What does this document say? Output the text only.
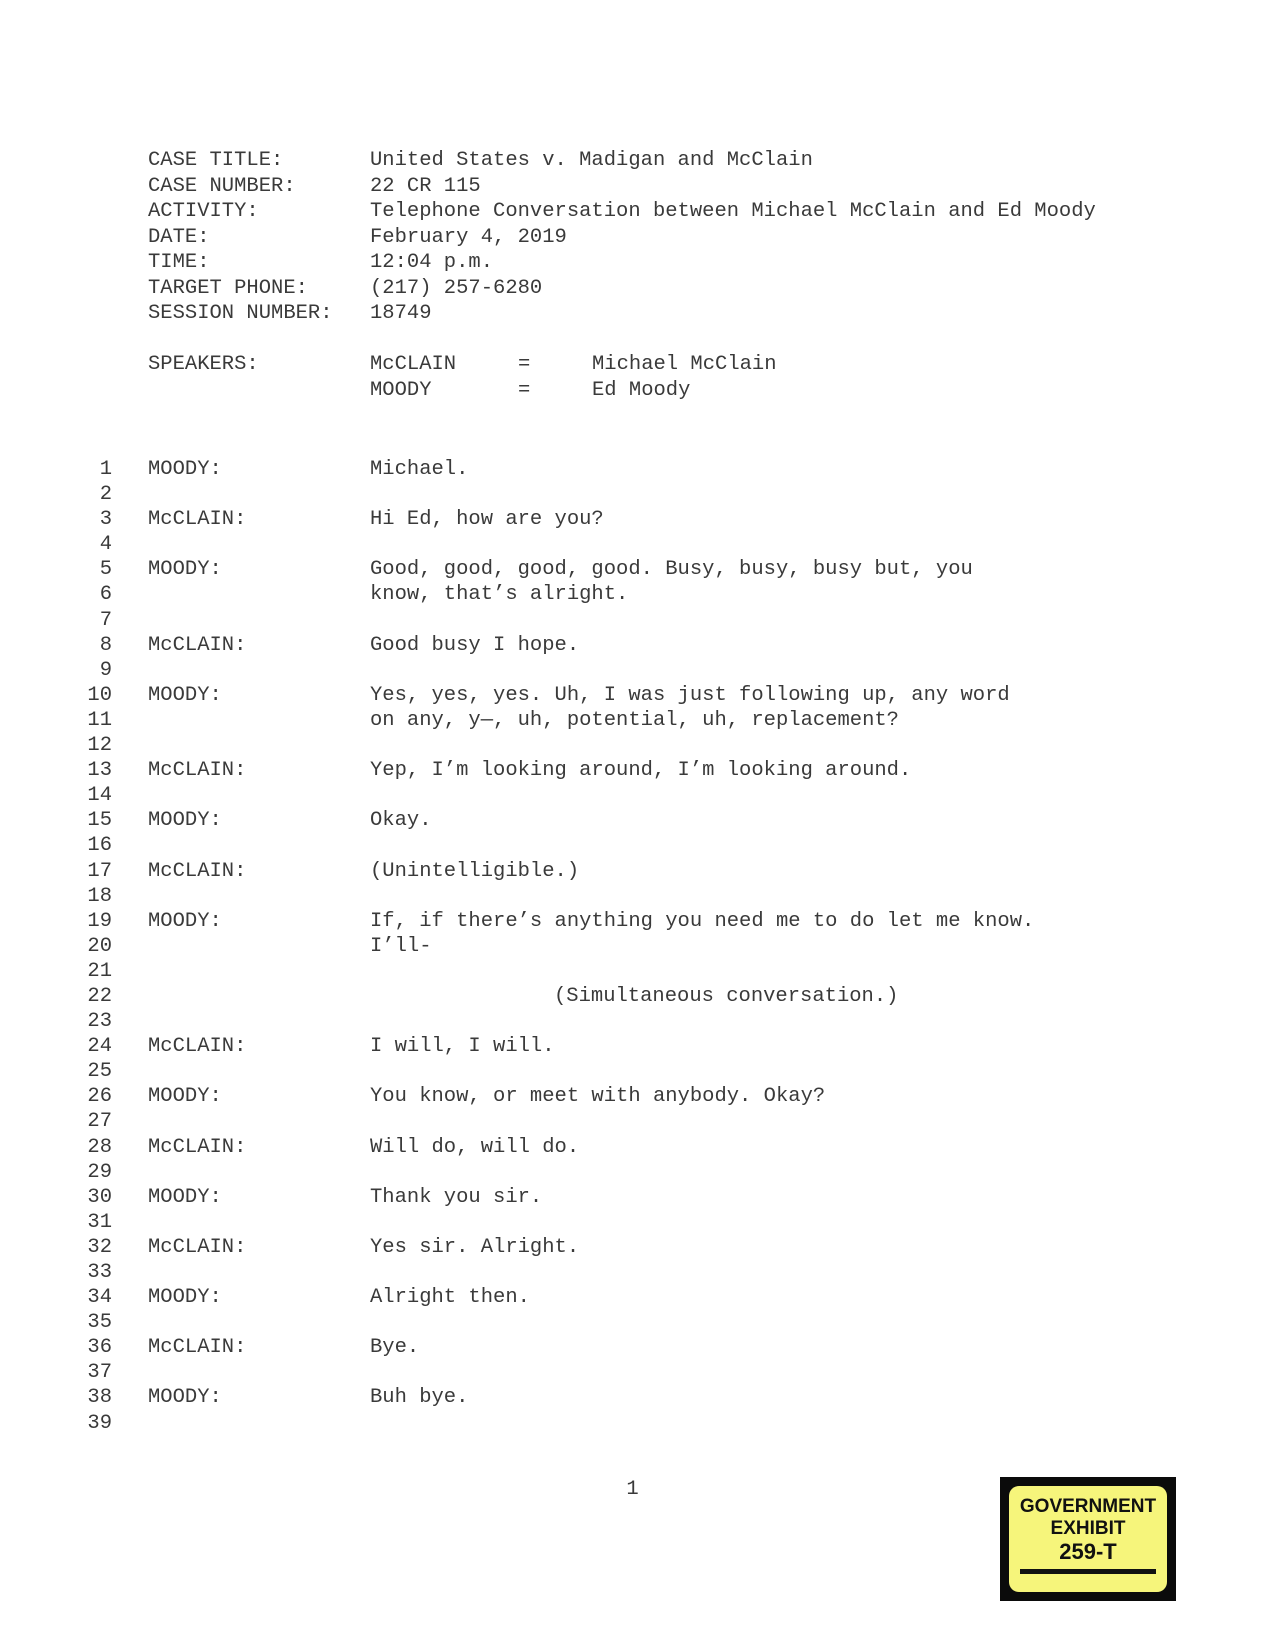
CASE TITLE:	United States v. Madigan and McClain
CASE NUMBER:	22 CR 115
ACTIVITY:	Telephone Conversation between Michael McClain and Ed Moody
DATE:	February 4, 2019
TIME:	12:04 p.m.
TARGET PHONE:	(217) 257-6280
SESSION NUMBER:	18749
SPEAKERS:	McCLAIN	=	Michael McClain
MOODY	=	Ed Moody
1 MOODY:	Michael.
2
3 McCLAIN:	Hi Ed, how are you?
4
5 MOODY:	Good, good, good, good. Busy, busy, busy but, you
6	know, that’s alright.
7
8 McCLAIN:	Good busy I hope.
9
10 MOODY:	Yes, yes, yes. Uh, I was just following up, any word
11	on any, y—, uh, potential, uh, replacement?
12
13 McCLAIN:	Yep, I’m looking around, I’m looking around.
14
15 MOODY:	Okay.
16
17 McCLAIN:	(Unintelligible.)
18
19 MOODY:	If, if there’s anything you need me to do let me know.
20	I’ll-
21
22	(Simultaneous conversation.)
23
24 McCLAIN:	I will, I will.
25
26 MOODY:	You know, or meet with anybody. Okay?
27
28 McCLAIN:	Will do, will do.
29
30 MOODY:	Thank you sir.
31
32 McCLAIN:	Yes sir. Alright.
33
34 MOODY:	Alright then.
35
36 McCLAIN:	Bye.
37
38 MOODY:	Buh bye.
39
1
GOVERNMENT
EXHIBIT
259-T
